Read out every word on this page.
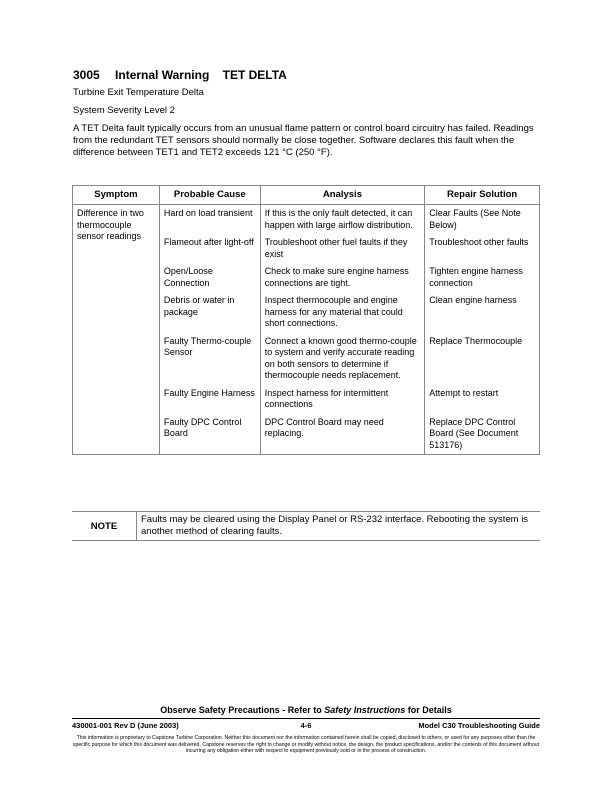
3005 Internal Warning TET DELTA
Turbine Exit Temperature Delta
System Severity Level 2
A TET Delta fault typically occurs from an unusual flame pattern or control board circuitry has failed. Readings from the redundant TET sensors should normally be close together. Software declares this fault when the difference between TET1 and TET2 exceeds 121 °C (250 °F).
Symptom	Probable Cause	Analysis	Repair Solution
Difference in two thermocouple sensor readings	Hard on load transient	If this is the only fault detected, it can happen with large airflow distribution.	Clear Faults (See Note Below)
	Flameout after light-off	Troubleshoot other fuel faults if they exist	Troubleshoot other faults
	Open/Loose Connection	Check to make sure engine harness connections are tight.	Tighten engine harness connection
	Debris or water in package	Inspect thermocouple and engine harness for any material that could short connections.	Clean engine harness
	Faulty Thermo-couple Sensor	Connect a known good thermo-couple to system and verify accurate reading on both sensors to determine if thermocouple needs replacement.	Replace Thermocouple
	Faulty Engine Harness	Inspect harness for intermittent connections	Attempt to restart
	Faulty DPC Control Board	DPC Control Board may need replacing.	Replace DPC Control Board (See Document 513176)
NOTE
Faults may be cleared using the Display Panel or RS-232 interface. Rebooting the system is another method of clearing faults.
Observe Safety Precautions - Refer to Safety Instructions for Details
430001-001 Rev D (June 2003)	4-6	Model C30 Troubleshooting Guide
This information is proprietary to Capstone Turbine Corporation. Neither this document nor the information contained herein shall be copied, disclosed to others, or used for any purposes other than the specific purpose for which this document was delivered. Capstone reserves the right to change or modify without notice, the design, the product specifications, and/or the contents of this document without incurring any obligation either with respect to equipment previously sold or in the process of construction.
